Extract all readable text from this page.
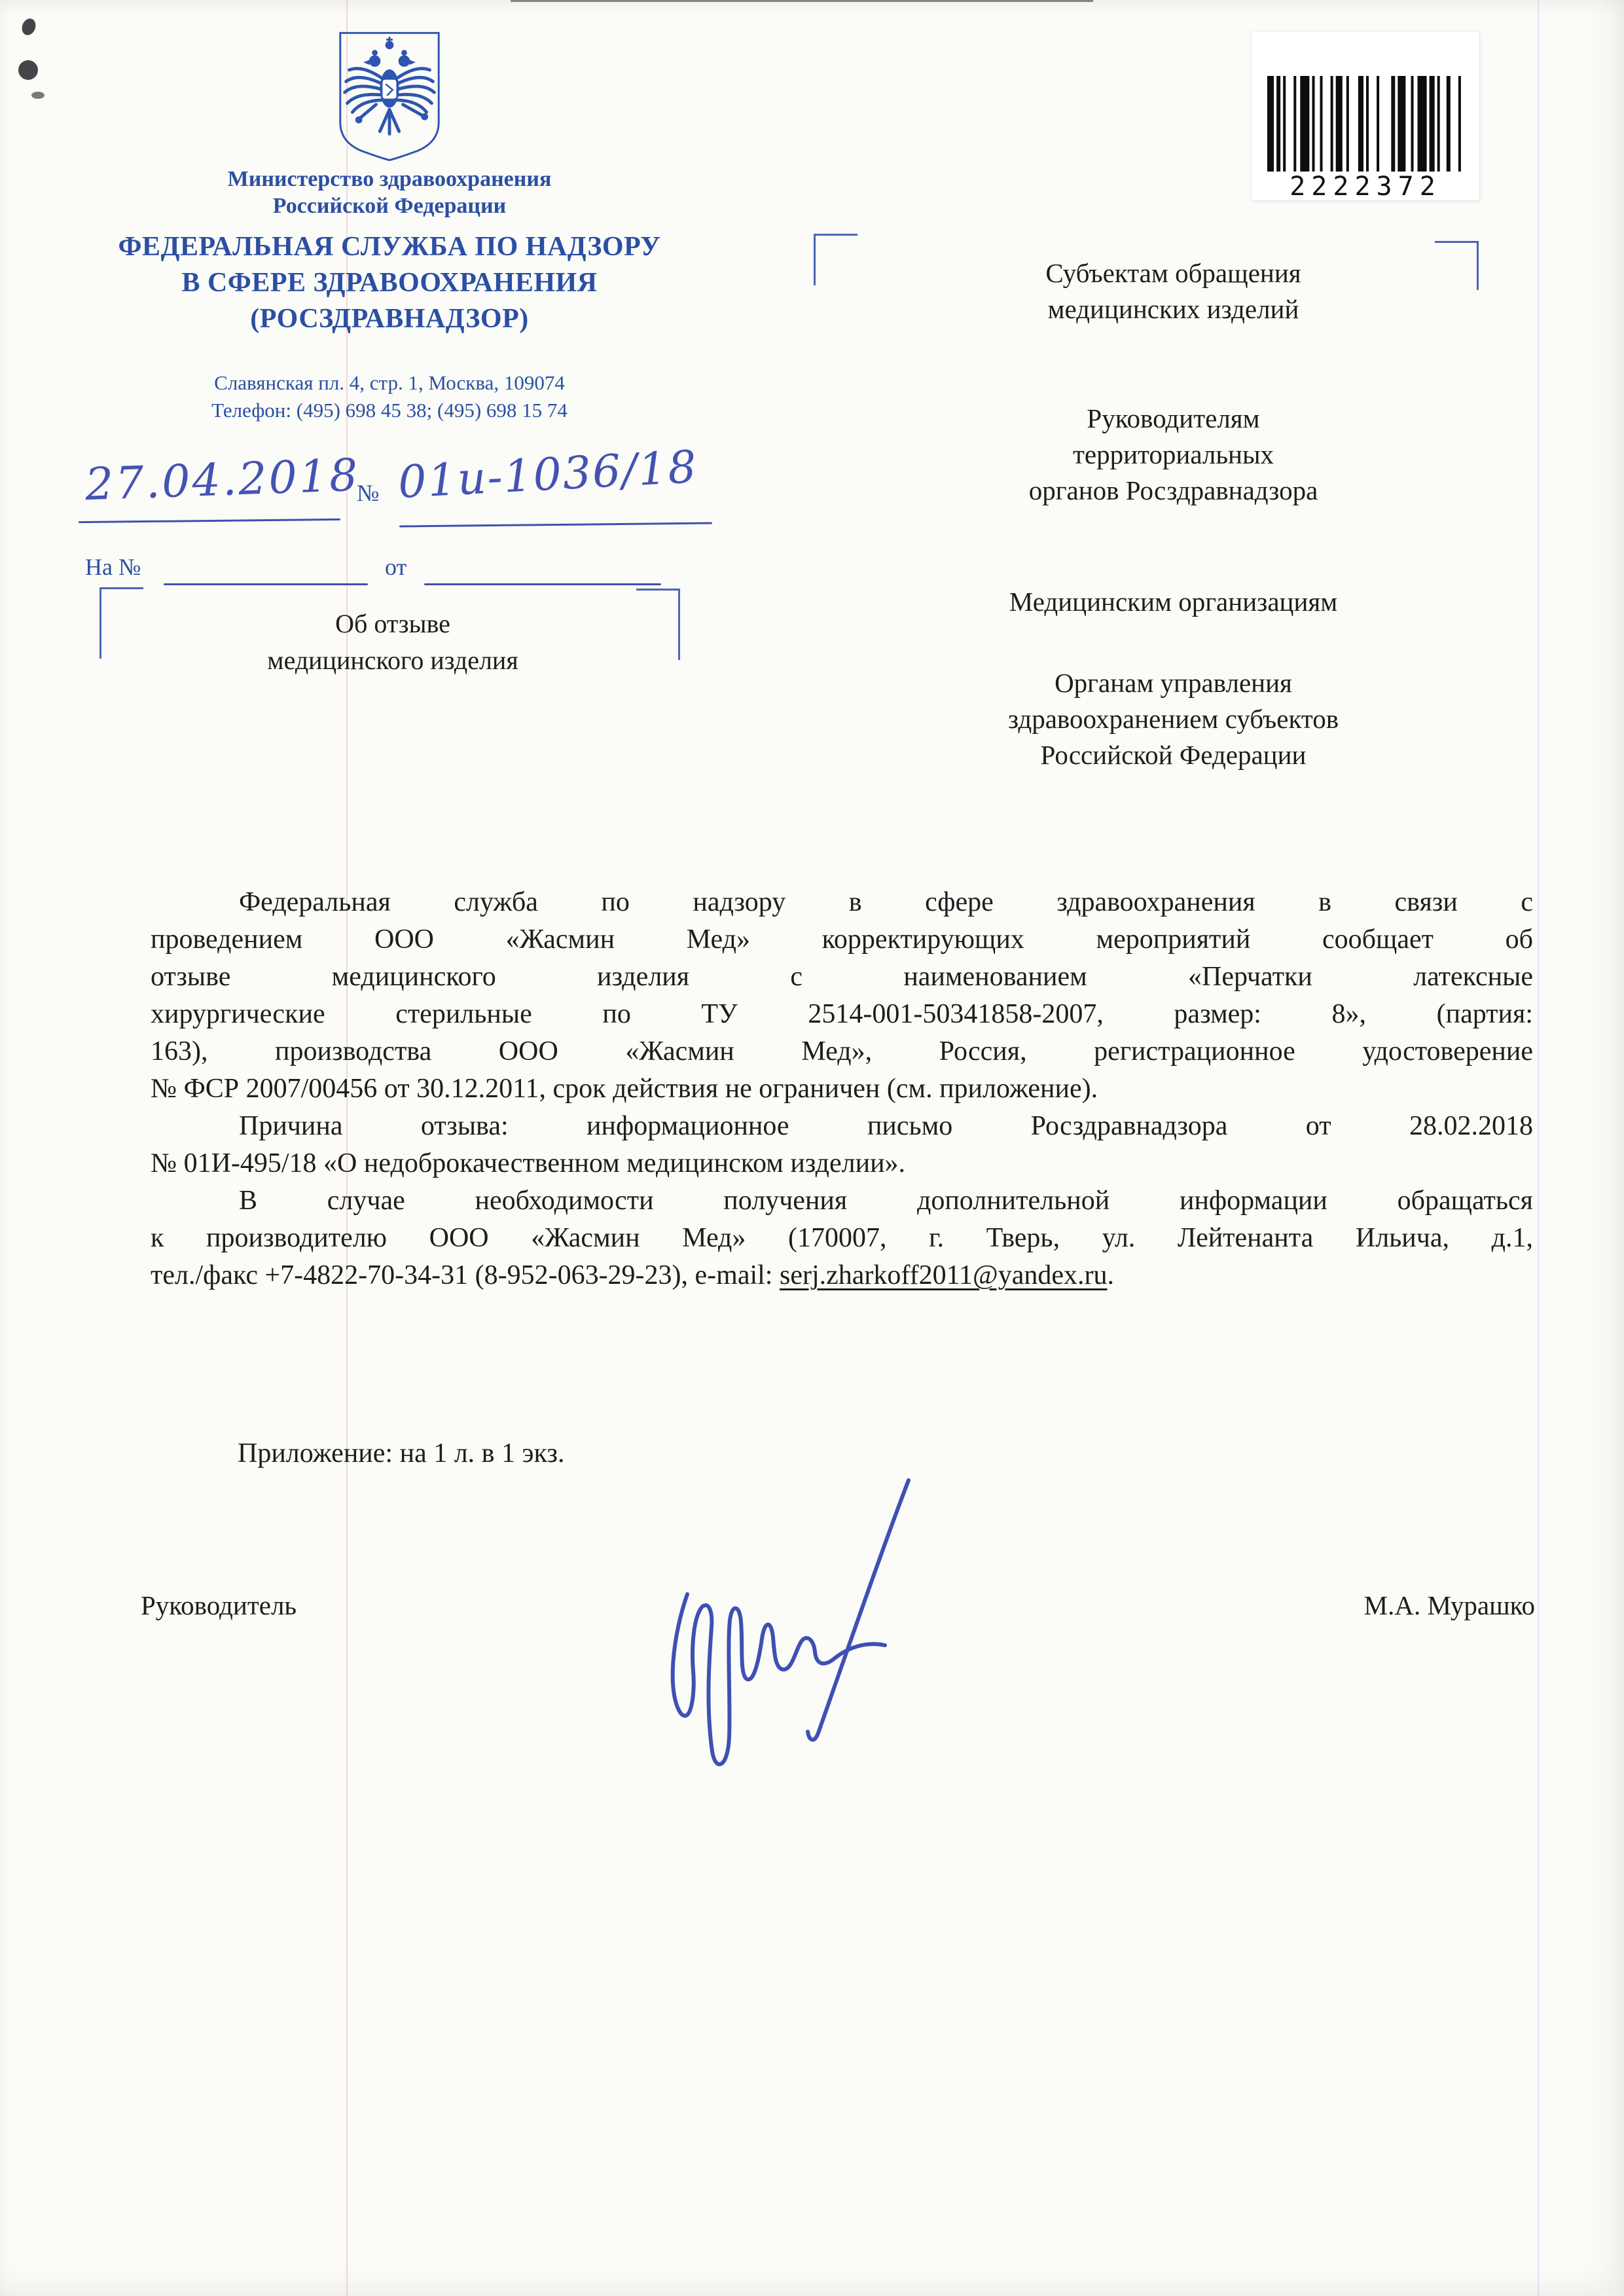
Министерство здравоохранения
Российской Федерации
ФЕДЕРАЛЬНАЯ СЛУЖБА ПО НАДЗОРУ
В СФЕРЕ ЗДРАВООХРАНЕНИЯ
(РОСЗДРАВНАДЗОР)
Славянская пл. 4, стр. 1, Москва, 109074
Телефон: (495) 698 45 38; (495) 698 15 74
27.04.2018
№ 01и-1036/18
На №	от
Об отзыве
медицинского изделия
2222372
Субъектам обращения
медицинских изделий
Руководителям
территориальных
органов Росздравнадзора
Медицинским организациям
Органам управления
здравоохранением субъектов
Российской Федерации
Федеральная служба по надзору в сфере здравоохранения в связи с
проведением ООО «Жасмин Мед» корректирующих мероприятий сообщает об
отзыве медицинского изделия с наименованием «Перчатки латексные
хирургические стерильные по ТУ 2514-001-50341858-2007, размер: 8», (партия:
163), производства ООО «Жасмин Мед», Россия, регистрационное удостоверение
№ ФСР 2007/00456 от 30.12.2011, срок действия не ограничен (см. приложение).
Причина отзыва: информационное письмо Росздравнадзора от 28.02.2018
№ 01И-495/18 «О недоброкачественном медицинском изделии».
В случае необходимости получения дополнительной информации обращаться
к производителю ООО «Жасмин Мед» (170007, г. Тверь, ул. Лейтенанта Ильича, д.1,
тел./факс +7-4822-70-34-31 (8-952-063-29-23), e-mail: serj.zharkoff2011@yandex.ru.
Приложение: на 1 л. в 1 экз.
Руководитель	М.А. Мурашко
